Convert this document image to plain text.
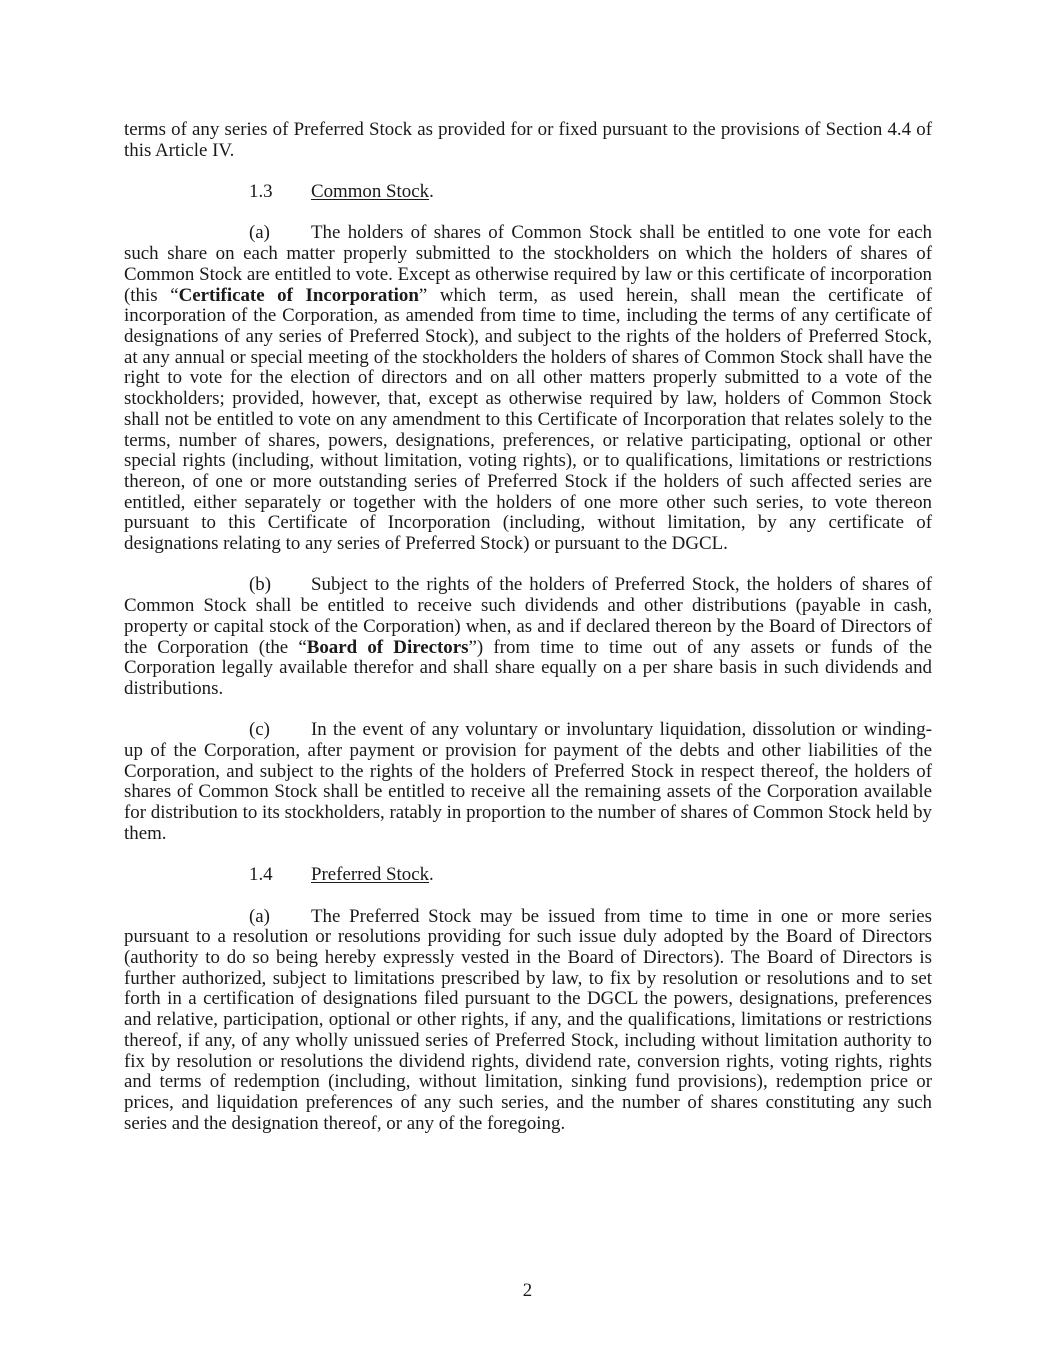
terms of any series of Preferred Stock as provided for or fixed pursuant to the provisions of Section 4.4 of this Article IV.

1.3 Common Stock.

(a) The holders of shares of Common Stock shall be entitled to one vote for each such share on each matter properly submitted to the stockholders on which the holders of shares of Common Stock are entitled to vote. Except as otherwise required by law or this certificate of incorporation (this “Certificate of Incorporation” which term, as used herein, shall mean the certificate of incorporation of the Corporation, as amended from time to time, including the terms of any certificate of designations of any series of Preferred Stock), and subject to the rights of the holders of Preferred Stock, at any annual or special meeting of the stockholders the holders of shares of Common Stock shall have the right to vote for the election of directors and on all other matters properly submitted to a vote of the stockholders; provided, however, that, except as otherwise required by law, holders of Common Stock shall not be entitled to vote on any amendment to this Certificate of Incorporation that relates solely to the terms, number of shares, powers, designations, preferences, or relative participating, optional or other special rights (including, without limitation, voting rights), or to qualifications, limitations or restrictions thereon, of one or more outstanding series of Preferred Stock if the holders of such affected series are entitled, either separately or together with the holders of one more other such series, to vote thereon pursuant to this Certificate of Incorporation (including, without limitation, by any certificate of designations relating to any series of Preferred Stock) or pursuant to the DGCL.

(b) Subject to the rights of the holders of Preferred Stock, the holders of shares of Common Stock shall be entitled to receive such dividends and other distributions (payable in cash, property or capital stock of the Corporation) when, as and if declared thereon by the Board of Directors of the Corporation (the “Board of Directors”) from time to time out of any assets or funds of the Corporation legally available therefor and shall share equally on a per share basis in such dividends and distributions.

(c) In the event of any voluntary or involuntary liquidation, dissolution or winding-up of the Corporation, after payment or provision for payment of the debts and other liabilities of the Corporation, and subject to the rights of the holders of Preferred Stock in respect thereof, the holders of shares of Common Stock shall be entitled to receive all the remaining assets of the Corporation available for distribution to its stockholders, ratably in proportion to the number of shares of Common Stock held by them.

1.4 Preferred Stock.

(a) The Preferred Stock may be issued from time to time in one or more series pursuant to a resolution or resolutions providing for such issue duly adopted by the Board of Directors (authority to do so being hereby expressly vested in the Board of Directors). The Board of Directors is further authorized, subject to limitations prescribed by law, to fix by resolution or resolutions and to set forth in a certification of designations filed pursuant to the DGCL the powers, designations, preferences and relative, participation, optional or other rights, if any, and the qualifications, limitations or restrictions thereof, if any, of any wholly unissued series of Preferred Stock, including without limitation authority to fix by resolution or resolutions the dividend rights, dividend rate, conversion rights, voting rights, rights and terms of redemption (including, without limitation, sinking fund provisions), redemption price or prices, and liquidation preferences of any such series, and the number of shares constituting any such series and the designation thereof, or any of the foregoing.

2
